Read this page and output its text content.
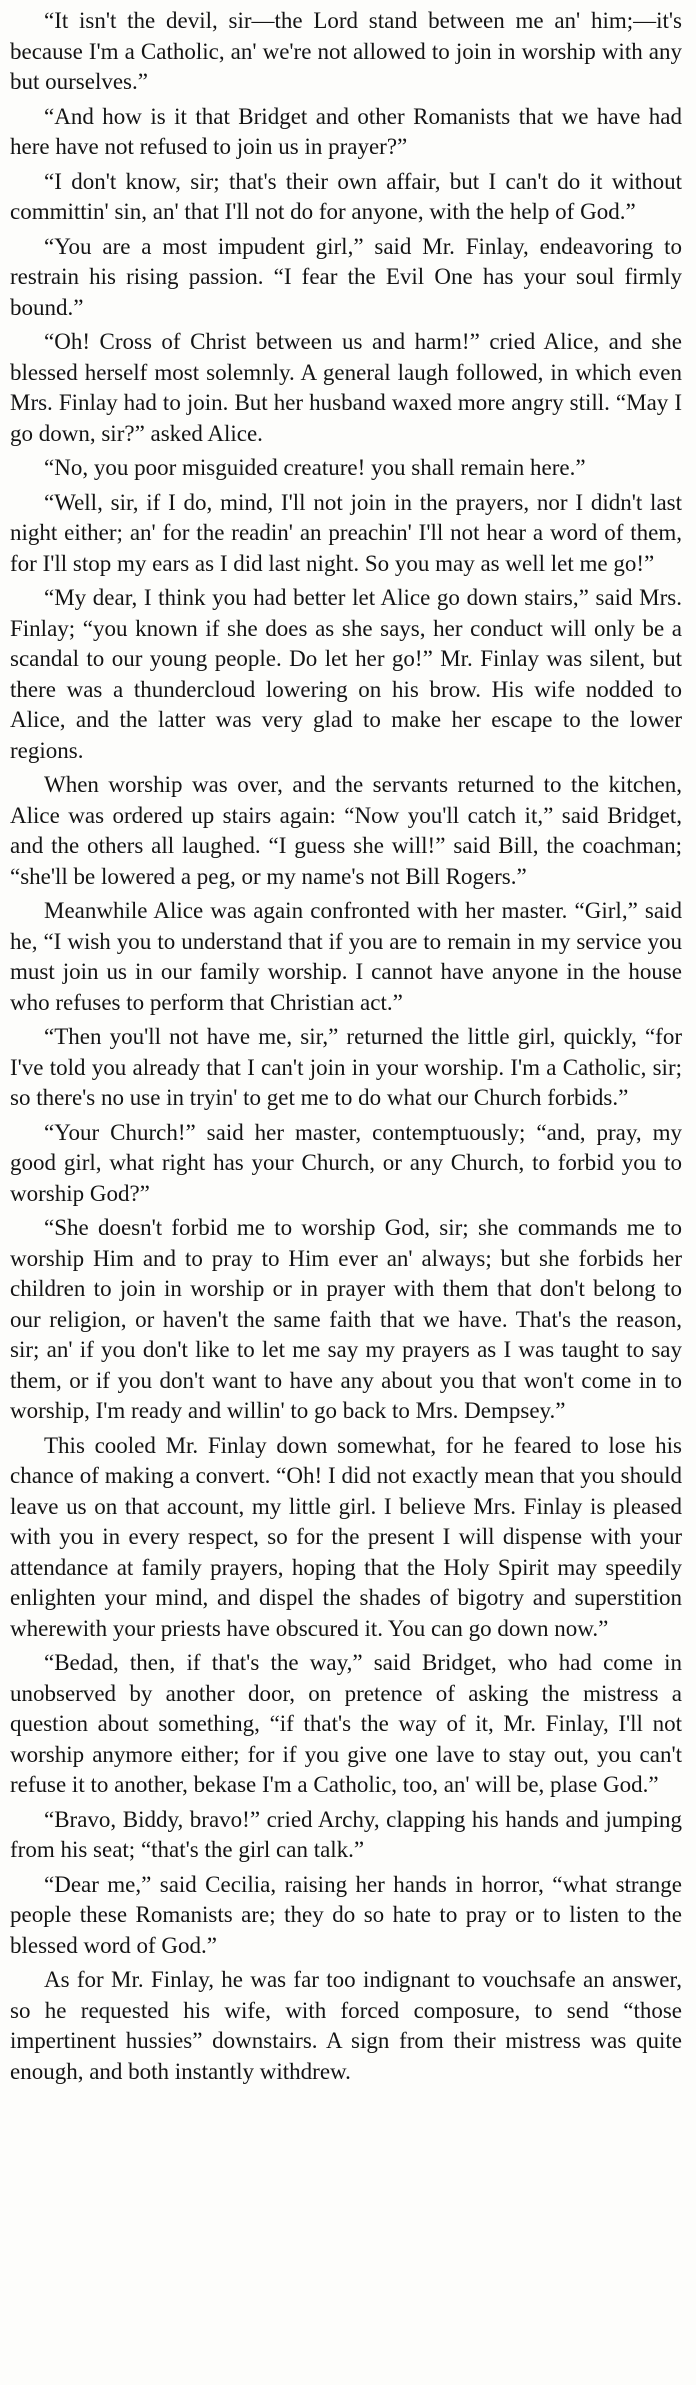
“It isn't the devil, sir—the Lord stand between me an' him;—it's because I'm a Catholic, an' we're not allowed to join in worship with any but ourselves.”

“And how is it that Bridget and other Romanists that we have had here have not refused to join us in prayer?”

“I don't know, sir; that's their own affair, but I can't do it without committin' sin, an' that I'll not do for anyone, with the help of God.”

“You are a most impudent girl,” said Mr. Finlay, endeavoring to restrain his rising passion. “I fear the Evil One has your soul firmly bound.”

“Oh! Cross of Christ between us and harm!” cried Alice, and she blessed herself most solemnly. A general laugh followed, in which even Mrs. Finlay had to join. But her husband waxed more angry still. “May I go down, sir?” asked Alice.

“No, you poor misguided creature! you shall remain here.”

“Well, sir, if I do, mind, I'll not join in the prayers, nor I didn't last night either; an' for the readin' an preachin' I'll not hear a word of them, for I'll stop my ears as I did last night. So you may as well let me go!”

“My dear, I think you had better let Alice go down stairs,” said Mrs. Finlay; “you known if she does as she says, her conduct will only be a scandal to our young people. Do let her go!” Mr. Finlay was silent, but there was a thundercloud lowering on his brow. His wife nodded to Alice, and the latter was very glad to make her escape to the lower regions.

When worship was over, and the servants returned to the kitchen, Alice was ordered up stairs again: “Now you'll catch it,” said Bridget, and the others all laughed. “I guess she will!” said Bill, the coachman; “she'll be lowered a peg, or my name's not Bill Rogers.”

Meanwhile Alice was again confronted with her master. “Girl,” said he, “I wish you to understand that if you are to remain in my service you must join us in our family worship. I cannot have anyone in the house who refuses to perform that Christian act.”

“Then you'll not have me, sir,” returned the little girl, quickly, “for I've told you already that I can't join in your worship. I'm a Catholic, sir; so there's no use in tryin' to get me to do what our Church forbids.”

“Your Church!” said her master, contemptuously; “and, pray, my good girl, what right has your Church, or any Church, to forbid you to worship God?”

“She doesn't forbid me to worship God, sir; she commands me to worship Him and to pray to Him ever an' always; but she forbids her children to join in worship or in prayer with them that don't belong to our religion, or haven't the same faith that we have. That's the reason, sir; an' if you don't like to let me say my prayers as I was taught to say them, or if you don't want to have any about you that won't come in to worship, I'm ready and willin' to go back to Mrs. Dempsey.”

This cooled Mr. Finlay down somewhat, for he feared to lose his chance of making a convert. “Oh! I did not exactly mean that you should leave us on that account, my little girl. I believe Mrs. Finlay is pleased with you in every respect, so for the present I will dispense with your attendance at family prayers, hoping that the Holy Spirit may speedily enlighten your mind, and dispel the shades of bigotry and superstition wherewith your priests have obscured it. You can go down now.”

“Bedad, then, if that's the way,” said Bridget, who had come in unobserved by another door, on pretence of asking the mistress a question about something, “if that's the way of it, Mr. Finlay, I'll not worship anymore either; for if you give one lave to stay out, you can't refuse it to another, bekase I'm a Catholic, too, an' will be, plase God.”

“Bravo, Biddy, bravo!” cried Archy, clapping his hands and jumping from his seat; “that's the girl can talk.”

“Dear me,” said Cecilia, raising her hands in horror, “what strange people these Romanists are; they do so hate to pray or to listen to the blessed word of God.”

As for Mr. Finlay, he was far too indignant to vouchsafe an answer, so he requested his wife, with forced composure, to send “those impertinent hussies” downstairs. A sign from their mistress was quite enough, and both instantly withdrew.
